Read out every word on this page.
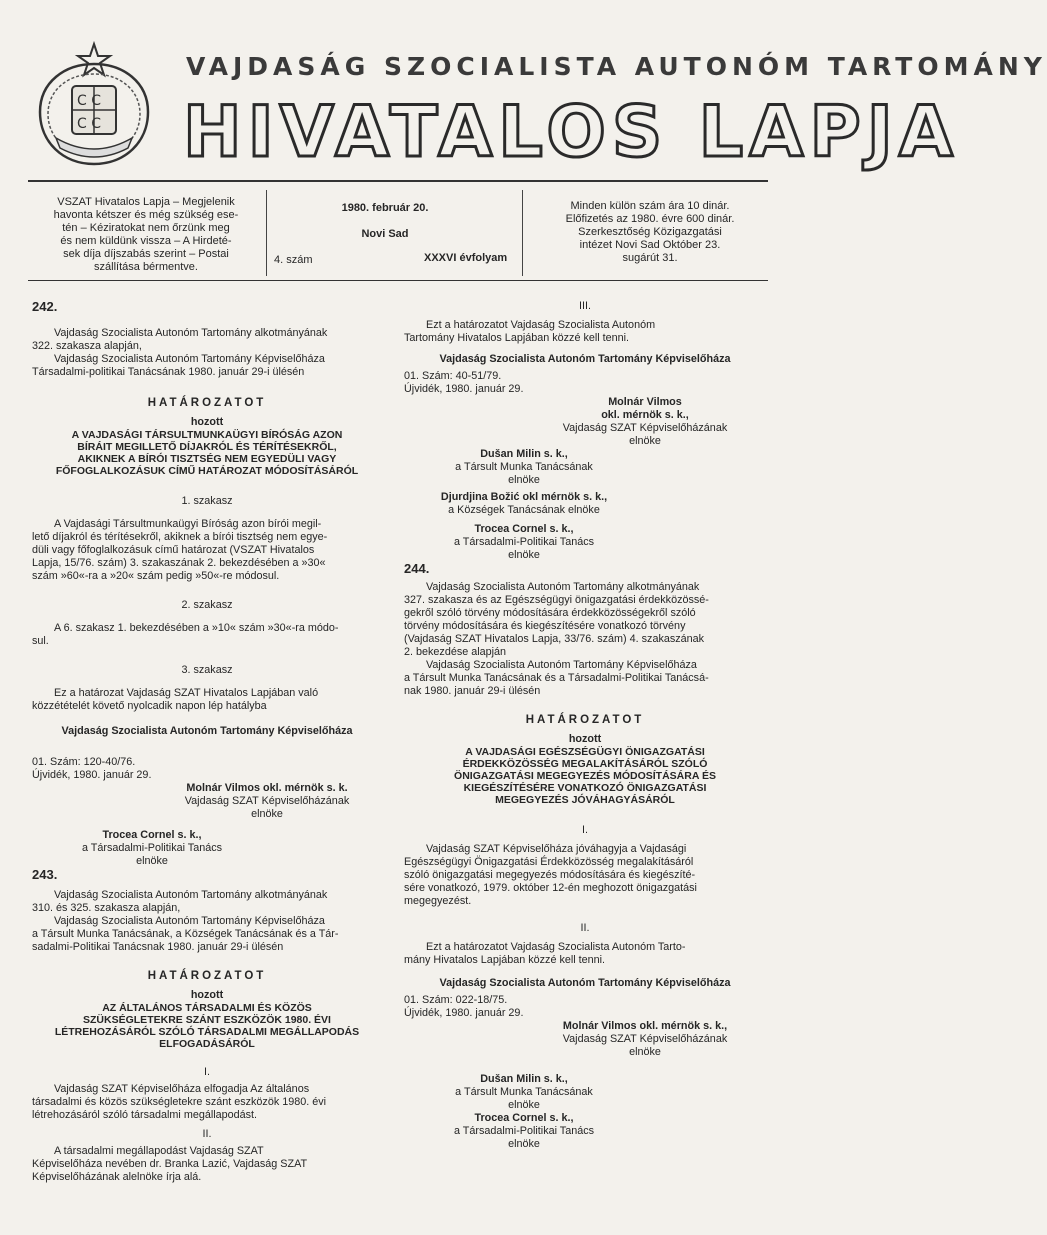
C C
C C
VAJDASÁG SZOCIALISTA AUTONÓM TARTOMÁNY
HIVATALOS LAPJA
VSZAT Hivatalos Lapja – Megjelenik
havonta kétszer és még szükség ese-
tén – Kéziratokat nem őrzünk meg
és nem küldünk vissza – A Hirdeté-
sek díja díjszabás szerint – Postai
szállítása bérmentve.
1980. február 20.
Novi Sad
4. szám	XXXVI évfolyam
Minden külön szám ára 10 dinár.
Előfizetés az 1980. évre 600 dinár.
Szerkesztőség Közigazgatási
intézet Novi Sad Október 23.
sugárút 31.

242.

Vajdaság Szocialista Autonóm Tartomány alkotmányának

322. szakasza alapján,

Vajdaság Szocialista Autonóm Tartomány Képviselőháza

Társadalmi-politikai Tanácsának 1980. január 29-i ülésén

HATÁROZATOT

hozott

A VAJDASÁGI TÁRSULTMUNKAÜGYI BÍRÓSÁG AZON

BÍRÁIT MEGILLETŐ DÍJAKRÓL ÉS TÉRÍTÉSEKRŐL,

AKIKNEK A BÍRÓI TISZTSÉG NEM EGYEDÜLI VAGY

FŐFOGLALKOZÁSUK CÍMŰ HATÁROZAT MÓDOSÍTÁSÁRÓL

1. szakasz

A Vajdasági Társultmunkaügyi Bíróság azon bírói megil-

lető díjakról és térítésekről, akiknek a bírói tisztség nem egye-

düli vagy főfoglalkozásuk című határozat (VSZAT Hivatalos

Lapja, 15/76. szám) 3. szakaszának 2. bekezdésében a »30«

szám »60«-ra a »20« szám pedig »50«-re módosul.

2. szakasz

A 6. szakasz 1. bekezdésében a »10« szám »30«-ra módo-

sul.

3. szakasz

Ez a határozat Vajdaság SZAT Hivatalos Lapjában való

közzétételét követő nyolcadik napon lép hatályba

Vajdaság Szocialista Autonóm Tartomány Képviselőháza

01. Szám: 120-40/76.

Újvidék, 1980. január 29.

Molnár Vilmos okl. mérnök s. k.

Vajdaság SZAT Képviselőházának

elnöke

Trocea Cornel s. k.,

a Társadalmi-Politikai Tanács

elnöke

243.

Vajdaság Szocialista Autonóm Tartomány alkotmányának

310. és 325. szakasza alapján,

Vajdaság Szocialista Autonóm Tartomány Képviselőháza

a Társult Munka Tanácsának, a Községek Tanácsának és a Tár-

sadalmi-Politikai Tanácsnak 1980. január 29-i ülésén

HATÁROZATOT

hozott

AZ ÁLTALÁNOS TÁRSADALMI ÉS KÖZÖS

SZÜKSÉGLETEKRE SZÁNT ESZKÖZÖK 1980. ÉVI

LÉTREHOZÁSÁRÓL SZÓLÓ TÁRSADALMI MEGÁLLAPODÁS

ELFOGADÁSÁRÓL

I.

Vajdaság SZAT Képviselőháza elfogadja Az általános

társadalmi és közös szükségletekre szánt eszközök 1980. évi

létrehozásáról szóló társadalmi megállapodást.

II.

A társadalmi megállapodást Vajdaság SZAT

Képviselőháza nevében dr. Branka Lazić, Vajdaság SZAT

Képviselőházának alelnöke írja alá.

III.

Ezt a határozatot Vajdaság Szocialista Autonóm

Tartomány Hivatalos Lapjában közzé kell tenni.

Vajdaság Szocialista Autonóm Tartomány Képviselőháza

01. Szám: 40-51/79.

Újvidék, 1980. január 29.

Molnár Vilmos

okl. mérnök s. k.,

Vajdaság SZAT Képviselőházának

elnöke

Dušan Milin s. k.,

a Társult Munka Tanácsának

elnöke

Djurdjina Božić okl mérnök s. k.,

a Községek Tanácsának elnöke

Trocea Cornel s. k.,

a Társadalmi-Politikai Tanács

elnöke

244.

Vajdaság Szocialista Autonóm Tartomány alkotmányának

327. szakasza és az Egészségügyi önigazgatási érdekközössé-

gekről szóló törvény módosítására érdekközösségekről szóló

törvény módosítására és kiegészítésére vonatkozó törvény

(Vajdaság SZAT Hivatalos Lapja, 33/76. szám) 4. szakaszának

2. bekezdése alapján

Vajdaság Szocialista Autonóm Tartomány Képviselőháza

a Társult Munka Tanácsának és a Társadalmi-Politikai Tanácsá-

nak 1980. január 29-i ülésén

HATÁROZATOT

hozott

A VAJDASÁGI EGÉSZSÉGÜGYI ÖNIGAZGATÁSI

ÉRDEKKÖZÖSSÉG MEGALAKÍTÁSÁRÓL SZÓLÓ

ÖNIGAZGATÁSI MEGEGYEZÉS MÓDOSÍTÁSÁRA ÉS

KIEGÉSZÍTÉSÉRE VONATKOZÓ ÖNIGAZGATÁSI

MEGEGYEZÉS JÓVÁHAGYÁSÁRÓL

I.

Vajdaság SZAT Képviselőháza jóváhagyja a Vajdasági

Egészségügyi Önigazgatási Érdekközösség megalakításáról

szóló önigazgatási megegyezés módosítására és kiegészíté-

sére vonatkozó, 1979. október 12-én meghozott önigazgatási

megegyezést.

II.

Ezt a határozatot Vajdaság Szocialista Autonóm Tarto-

mány Hivatalos Lapjában közzé kell tenni.

Vajdaság Szocialista Autonóm Tartomány Képviselőháza

01. Szám: 022-18/75.

Újvidék, 1980. január 29.

Molnár Vilmos okl. mérnök s. k.,

Vajdaság SZAT Képviselőházának

elnöke

Dušan Milin s. k.,

a Társult Munka Tanácsának

elnöke

Trocea Cornel s. k.,

a Társadalmi-Politikai Tanács

elnöke
